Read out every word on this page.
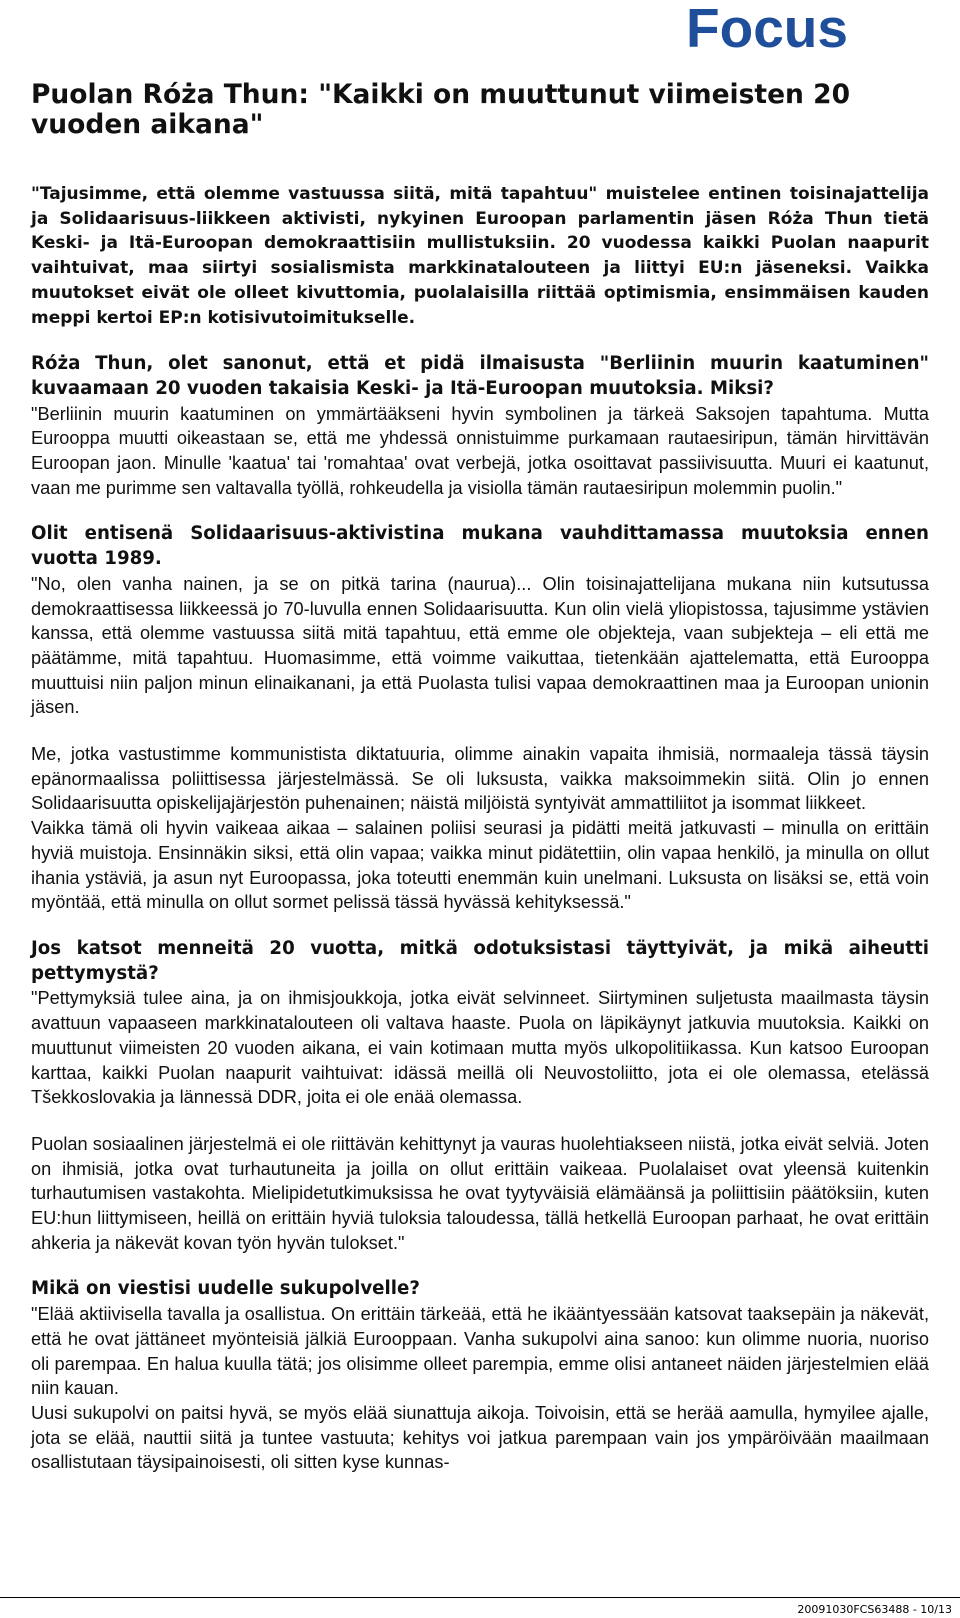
Focus
Puolan Róża Thun: "Kaikki on muuttunut viimeisten 20 vuoden aikana"

"Tajusimme, että olemme vastuussa siitä, mitä tapahtuu" muistelee entinen toisinajattelija ja Solidaarisuus-liikkeen aktivisti, nykyinen Euroopan parlamentin jäsen Róża Thun tietä Keski- ja Itä-Euroopan demokraattisiin mullistuksiin. 20 vuodessa kaikki Puolan naapurit vaihtuivat, maa siirtyi sosialismista markkinatalouteen ja liittyi EU:n jäseneksi. Vaikka muutokset eivät ole olleet kivuttomia, puolalaisilla riittää optimismia, ensimmäisen kauden meppi kertoi EP:n kotisivutoimitukselle.

Róża Thun, olet sanonut, että et pidä ilmaisusta "Berliinin muurin kaatuminen" kuvaamaan 20 vuoden takaisia Keski- ja Itä-Euroopan muutoksia. Miksi?

"Berliinin muurin kaatuminen on ymmärtääkseni hyvin symbolinen ja tärkeä Saksojen tapahtuma. Mutta Eurooppa muutti oikeastaan se, että me yhdessä onnistuimme purkamaan rautaesiripun, tämän hirvittävän Euroopan jaon. Minulle 'kaatua' tai 'romahtaa' ovat verbejä, jotka osoittavat passiivisuutta. Muuri ei kaatunut, vaan me purimme sen valtavalla työllä, rohkeudella ja visiolla tämän rautaesiripun molemmin puolin."

Olit entisenä Solidaarisuus-aktivistina mukana vauhdittamassa muutoksia ennen vuotta 1989.

"No, olen vanha nainen, ja se on pitkä tarina (naurua)... Olin toisinajattelijana mukana niin kutsutussa demokraattisessa liikkeessä jo 70-luvulla ennen Solidaarisuutta. Kun olin vielä yliopistossa, tajusimme ystävien kanssa, että olemme vastuussa siitä mitä tapahtuu, että emme ole objekteja, vaan subjekteja – eli että me päätämme, mitä tapahtuu. Huomasimme, että voimme vaikuttaa, tietenkään ajattelematta, että Eurooppa muuttuisi niin paljon minun elinaikanani, ja että Puolasta tulisi vapaa demokraattinen maa ja Euroopan unionin jäsen.

Me, jotka vastustimme kommunistista diktatuuria, olimme ainakin vapaita ihmisiä, normaaleja tässä täysin epänormaalissa poliittisessa järjestelmässä. Se oli luksusta, vaikka maksoimmekin siitä. Olin jo ennen Solidaarisuutta opiskelijajärjestön puhenainen; näistä miljöistä syntyivät ammattiliitot ja isommat liikkeet.

Vaikka tämä oli hyvin vaikeaa aikaa – salainen poliisi seurasi ja pidätti meitä jatkuvasti – minulla on erittäin hyviä muistoja. Ensinnäkin siksi, että olin vapaa; vaikka minut pidätettiin, olin vapaa henkilö, ja minulla on ollut ihania ystäviä, ja asun nyt Euroopassa, joka toteutti enemmän kuin unelmani. Luksusta on lisäksi se, että voin myöntää, että minulla on ollut sormet pelissä tässä hyvässä kehityksessä."

Jos katsot menneitä 20 vuotta, mitkä odotuksistasi täyttyivät, ja mikä aiheutti pettymystä?

"Pettymyksiä tulee aina, ja on ihmisjoukkoja, jotka eivät selvinneet. Siirtyminen suljetusta maailmasta täysin avattuun vapaaseen markkinatalouteen oli valtava haaste. Puola on läpikäynyt jatkuvia muutoksia. Kaikki on muuttunut viimeisten 20 vuoden aikana, ei vain kotimaan mutta myös ulkopolitiikassa. Kun katsoo Euroopan karttaa, kaikki Puolan naapurit vaihtuivat: idässä meillä oli Neuvostoliitto, jota ei ole olemassa, etelässä Tšekkoslovakia ja lännessä DDR, joita ei ole enää olemassa.

Puolan sosiaalinen järjestelmä ei ole riittävän kehittynyt ja vauras huolehtiakseen niistä, jotka eivät selviä. Joten on ihmisiä, jotka ovat turhautuneita ja joilla on ollut erittäin vaikeaa. Puolalaiset ovat yleensä kuitenkin turhautumisen vastakohta. Mielipidetutkimuksissa he ovat tyytyväisiä elämäänsä ja poliittisiin päätöksiin, kuten EU:hun liittymiseen, heillä on erittäin hyviä tuloksia taloudessa, tällä hetkellä Euroopan parhaat, he ovat erittäin ahkeria ja näkevät kovan työn hyvän tulokset."

Mikä on viestisi uudelle sukupolvelle?

"Elää aktiivisella tavalla ja osallistua. On erittäin tärkeää, että he ikääntyessään katsovat taaksepäin ja näkevät, että he ovat jättäneet myönteisiä jälkiä Eurooppaan. Vanha sukupolvi aina sanoo: kun olimme nuoria, nuoriso oli parempaa. En halua kuulla tätä; jos olisimme olleet parempia, emme olisi antaneet näiden järjestelmien elää niin kauan.

Uusi sukupolvi on paitsi hyvä, se myös elää siunattuja aikoja. Toivoisin, että se herää aamulla, hymyilee ajalle, jota se elää, nauttii siitä ja tuntee vastuuta; kehitys voi jatkua parempaan vain jos ympäröivään maailmaan osallistutaan täysipainoisesti, oli sitten kyse kunnas-

20091030FCS63488 - 10/13
